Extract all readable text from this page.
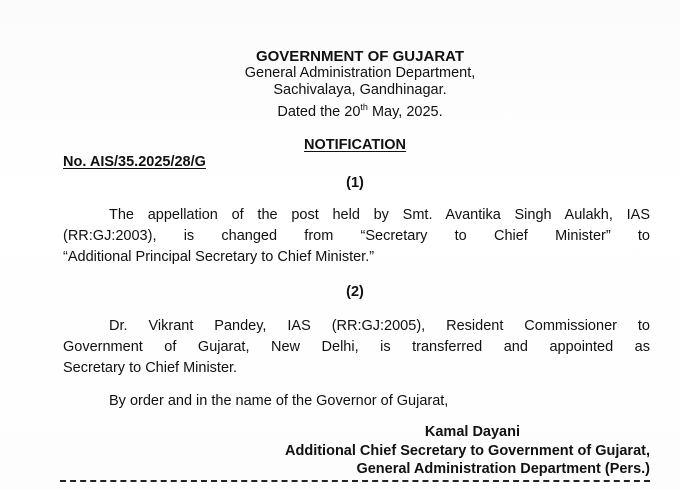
GOVERNMENT OF GUJARAT
General Administration Department,
Sachivalaya, Gandhinagar.
Dated the 20th May, 2025.
NOTIFICATION
No. AIS/35.2025/28/G
(1)
The appellation of the post held by Smt. Avantika Singh Aulakh, IAS
(RR:GJ:2003), is changed from “Secretary to Chief Minister” to
“Additional Principal Secretary to Chief Minister.”
(2)
Dr. Vikrant Pandey, IAS (RR:GJ:2005), Resident Commissioner to
Government of Gujarat, New Delhi, is transferred and appointed as
Secretary to Chief Minister.
By order and in the name of the Governor of Gujarat,
Kamal Dayani
Additional Chief Secretary to Government of Gujarat,
General Administration Department (Pers.)
